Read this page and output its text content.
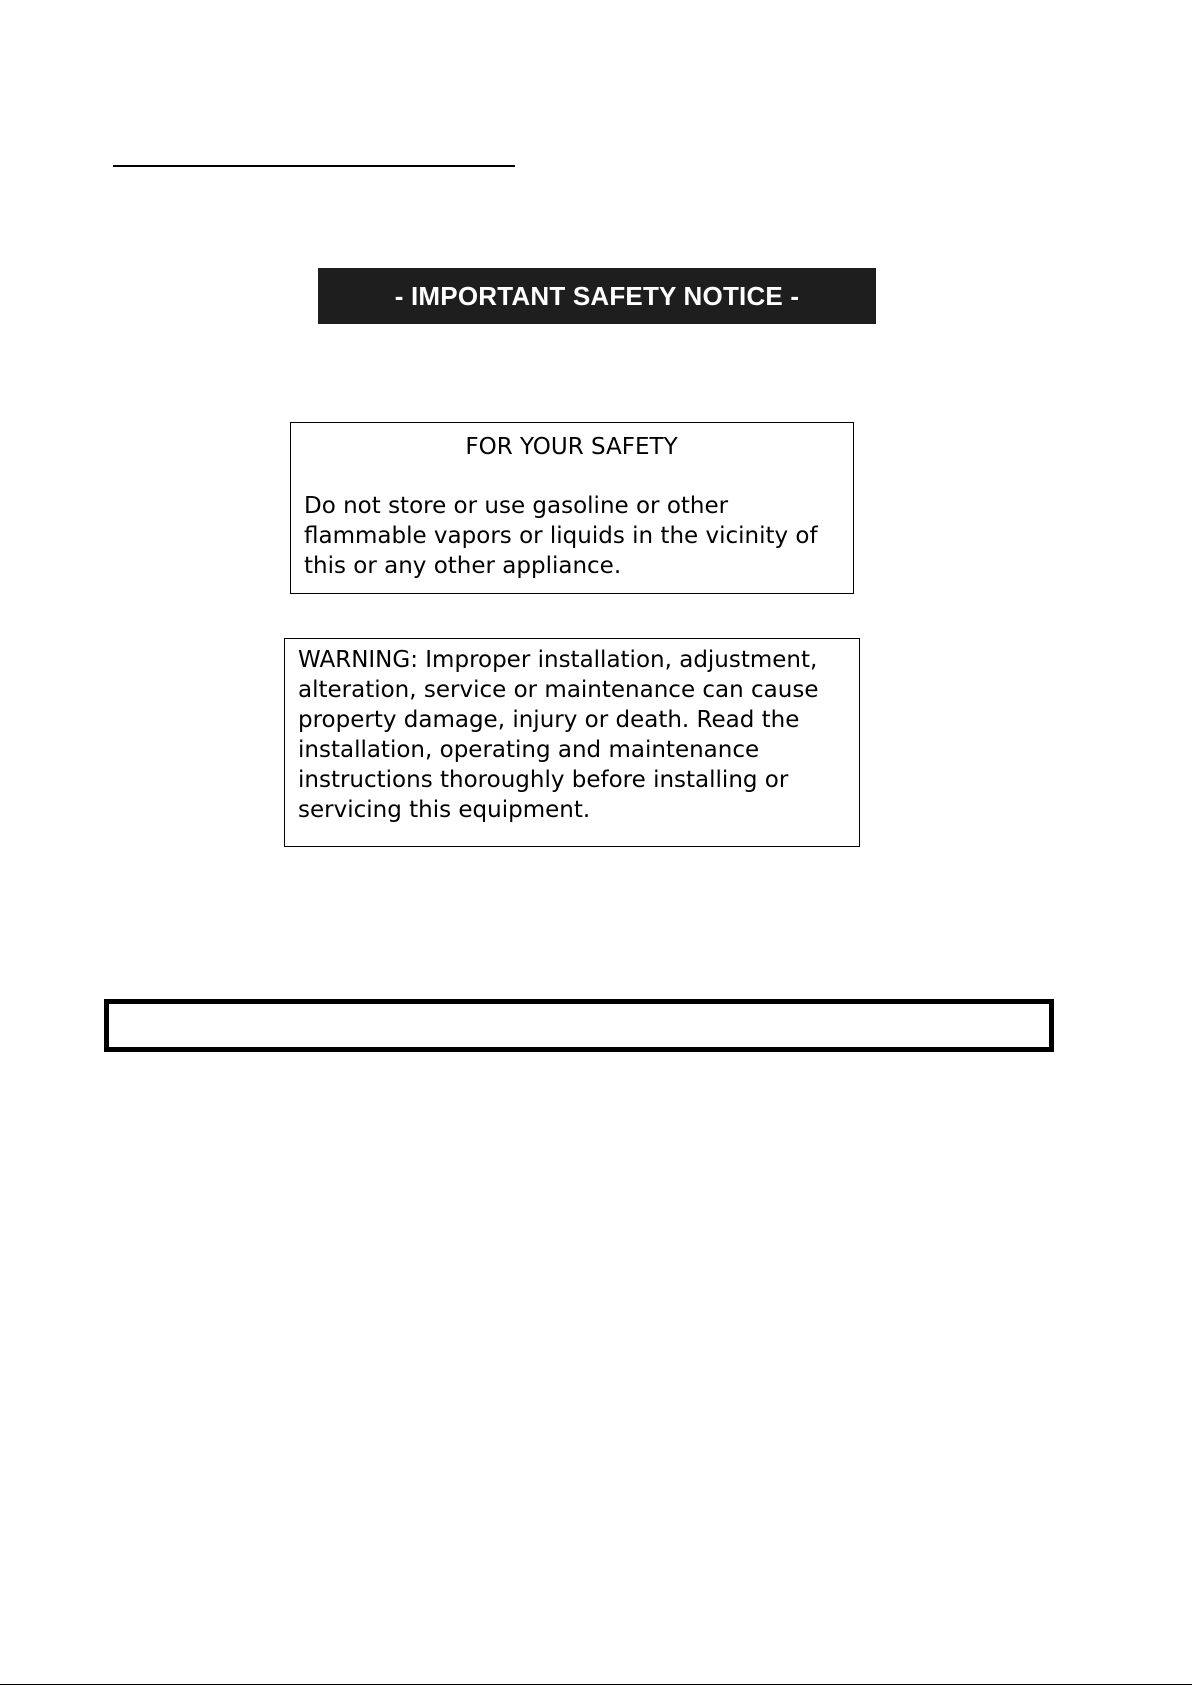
- IMPORTANT SAFETY NOTICE -
FOR YOUR SAFETY
Do not store or use gasoline or other flammable vapors or liquids in the vicinity of this or any other appliance.
WARNING: Improper installation, adjustment, alteration, service or maintenance can cause property damage, injury or death. Read the installation, operating and maintenance instructions thoroughly before installing or servicing this equipment.
